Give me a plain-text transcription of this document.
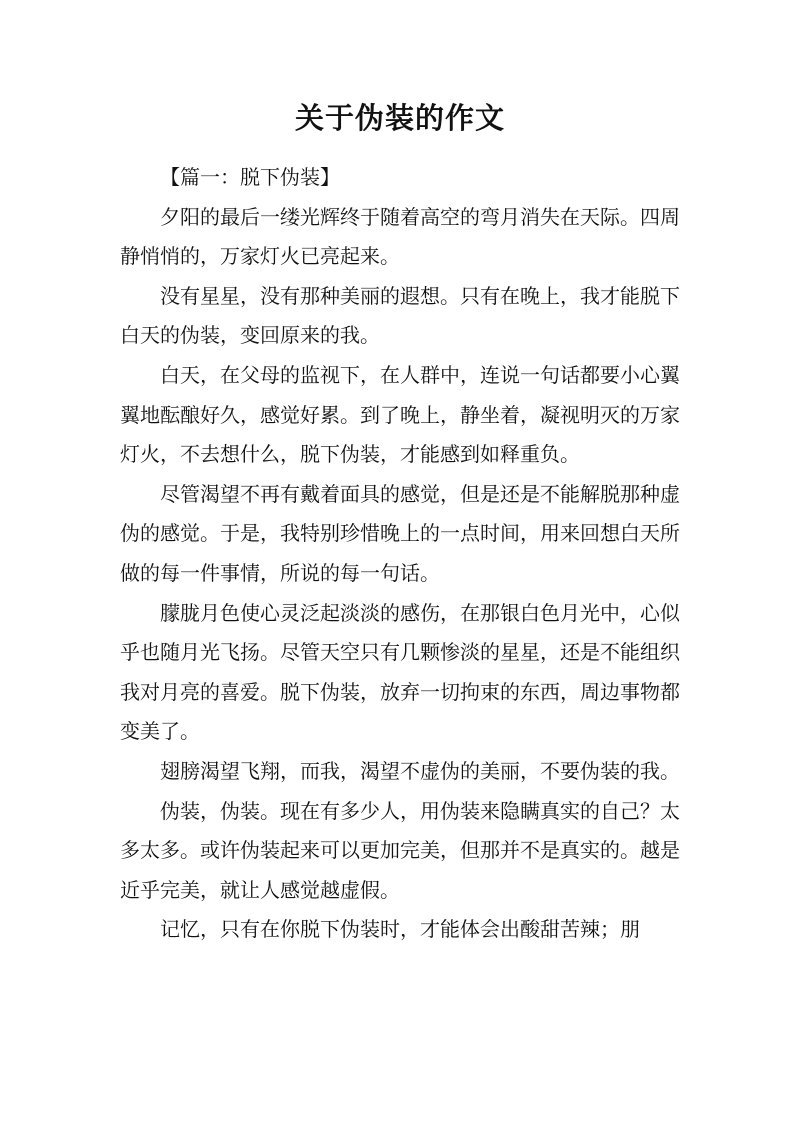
关于伪装的作文

【篇一：脱下伪装】

夕阳的最后一缕光辉终于随着高空的弯月消失在天际。四周静悄悄的，万家灯火已亮起来。

没有星星，没有那种美丽的遐想。只有在晚上，我才能脱下白天的伪装，变回原来的我。

白天，在父母的监视下，在人群中，连说一句话都要小心翼翼地酝酿好久，感觉好累。到了晚上，静坐着，凝视明灭的万家灯火，不去想什么，脱下伪装，才能感到如释重负。

尽管渴望不再有戴着面具的感觉，但是还是不能解脱那种虚伪的感觉。于是，我特别珍惜晚上的一点时间，用来回想白天所做的每一件事情，所说的每一句话。

朦胧月色使心灵泛起淡淡的感伤，在那银白色月光中，心似乎也随月光飞扬。尽管天空只有几颗惨淡的星星，还是不能组织我对月亮的喜爱。脱下伪装，放弃一切拘束的东西，周边事物都变美了。

翅膀渴望飞翔，而我，渴望不虚伪的美丽，不要伪装的我。

伪装，伪装。现在有多少人，用伪装来隐瞒真实的自己？太多太多。或许伪装起来可以更加完美，但那并不是真实的。越是近乎完美，就让人感觉越虚假。

记忆，只有在你脱下伪装时，才能体会出酸甜苦辣；朋
